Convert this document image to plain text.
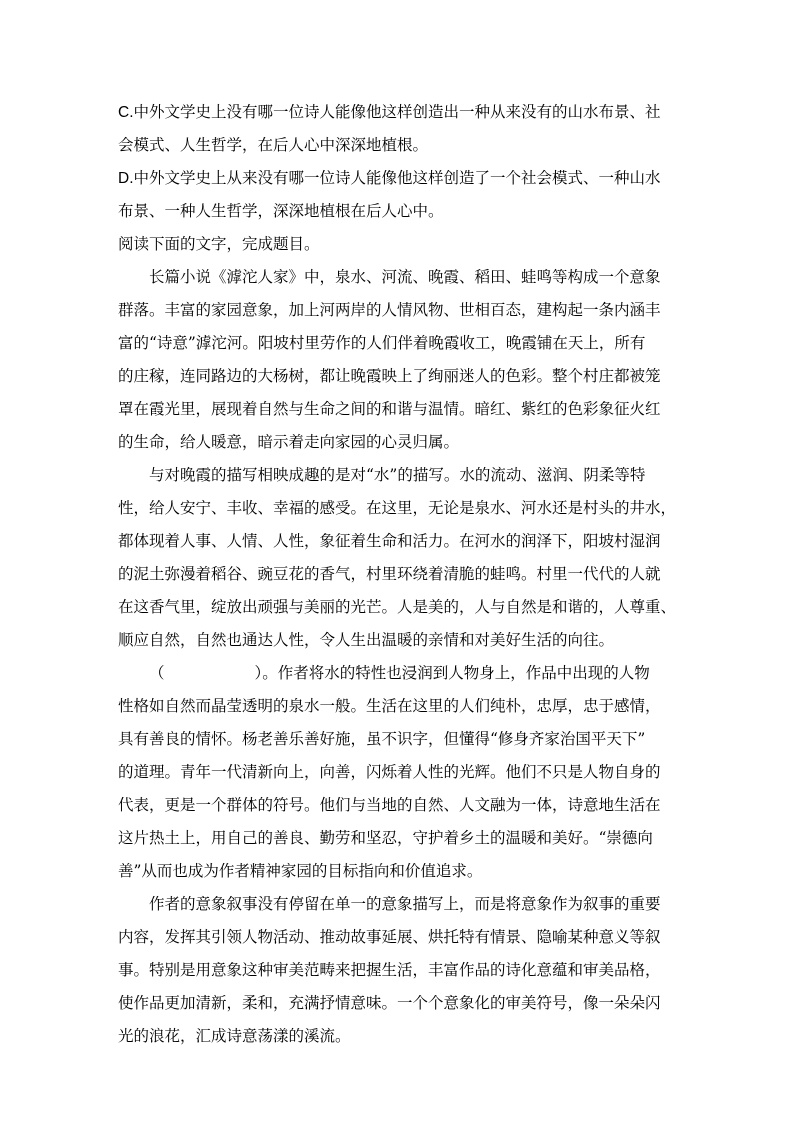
C.中外文学史上没有哪一位诗人能像他这样创造出一种从来没有的山水布景、社
会模式、人生哲学，在后人心中深深地植根。
D.中外文学史上从来没有哪一位诗人能像他这样创造了一个社会模式、一种山水
布景、一种人生哲学，深深地植根在后人心中。
阅读下面的文字，完成题目。
长篇小说《滹沱人家》中，泉水、河流、晚霞、稻田、蛙鸣等构成一个意象
群落。丰富的家园意象，加上河两岸的人情风物、世相百态，建构起一条内涵丰
富的“诗意”滹沱河。阳坡村里劳作的人们伴着晚霞收工，晚霞铺在天上，所有
的庄稼，连同路边的大杨树，都让晚霞映上了绚丽迷人的色彩。整个村庄都被笼
罩在霞光里，展现着自然与生命之间的和谐与温情。暗红、紫红的色彩象征火红
的生命，给人暖意，暗示着走向家园的心灵归属。
与对晚霞的描写相映成趣的是对“水”的描写。水的流动、滋润、阴柔等特
性，给人安宁、丰收、幸福的感受。在这里，无论是泉水、河水还是村头的井水，
都体现着人事、人情、人性，象征着生命和活力。在河水的润泽下，阳坡村湿润
的泥土弥漫着稻谷、豌豆花的香气，村里环绕着清脆的蛙鸣。村里一代代的人就
在这香气里，绽放出顽强与美丽的光芒。人是美的，人与自然是和谐的，人尊重、
顺应自然，自然也通达人性，令人生出温暖的亲情和对美好生活的向往。
（	）。作者将水的特性也浸润到人物身上，作品中出现的人物
性格如自然而晶莹透明的泉水一般。生活在这里的人们纯朴，忠厚，忠于感情，
具有善良的情怀。杨老善乐善好施，虽不识字，但懂得“修身齐家治国平天下”
的道理。青年一代清新向上，向善，闪烁着人性的光辉。他们不只是人物自身的
代表，更是一个群体的符号。他们与当地的自然、人文融为一体，诗意地生活在
这片热土上，用自己的善良、勤劳和坚忍，守护着乡土的温暖和美好。“崇德向
善”从而也成为作者精神家园的目标指向和价值追求。
作者的意象叙事没有停留在单一的意象描写上，而是将意象作为叙事的重要
内容，发挥其引领人物活动、推动故事延展、烘托特有情景、隐喻某种意义等叙
事。特别是用意象这种审美范畴来把握生活，丰富作品的诗化意蕴和审美品格，
使作品更加清新，柔和，充满抒情意味。一个个意象化的审美符号，像一朵朵闪
光的浪花，汇成诗意荡漾的溪流。
